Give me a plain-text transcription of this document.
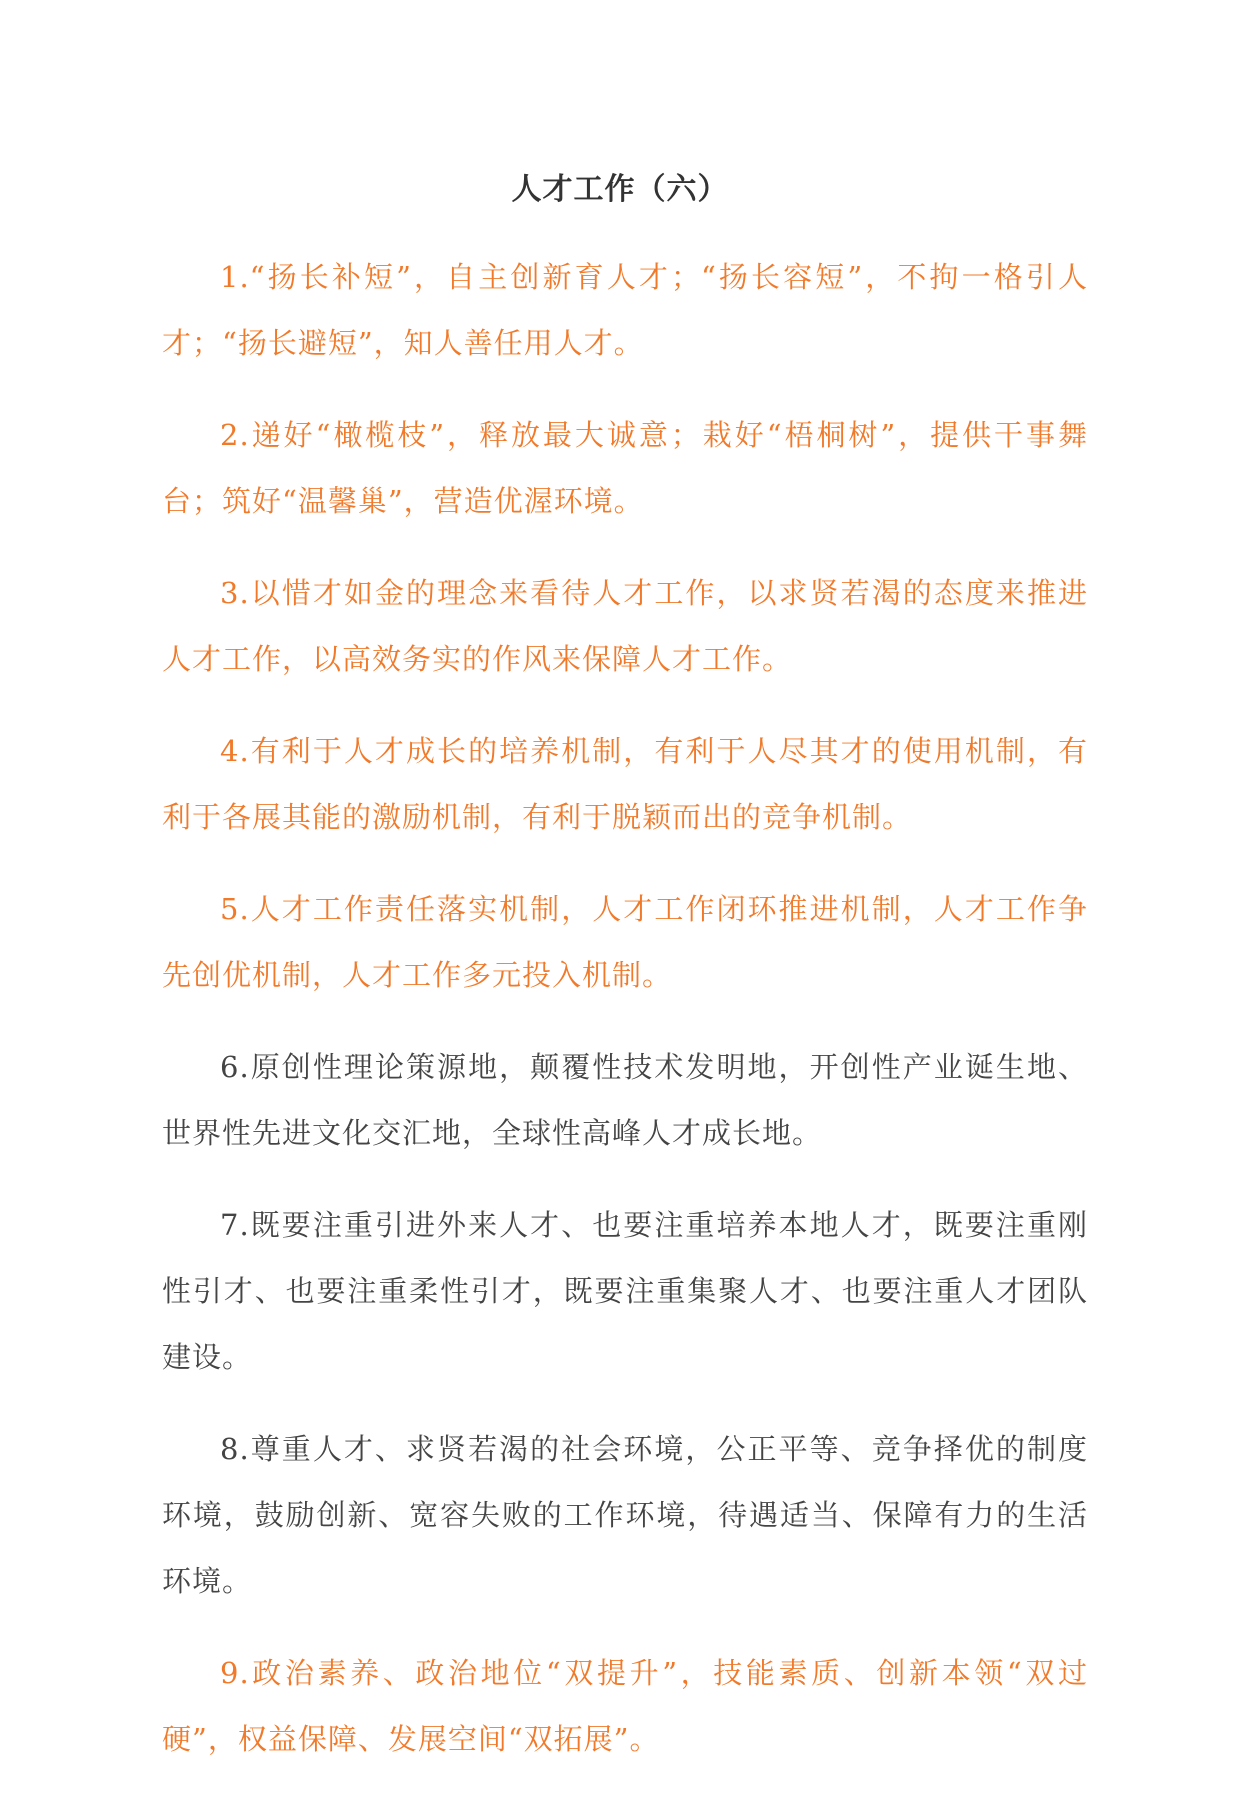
人才工作（六）

1.“扬长补短”，自主创新育人才；“扬长容短”，不拘一格引人才；“扬长避短”，知人善任用人才。

2.递好“橄榄枝”，释放最大诚意；栽好“梧桐树”，提供干事舞台；筑好“温馨巢”，营造优渥环境。

3.以惜才如金的理念来看待人才工作，以求贤若渴的态度来推进人才工作，以高效务实的作风来保障人才工作。

4.有利于人才成长的培养机制，有利于人尽其才的使用机制，有利于各展其能的激励机制，有利于脱颖而出的竞争机制。

5.人才工作责任落实机制，人才工作闭环推进机制，人才工作争先创优机制，人才工作多元投入机制。

6.原创性理论策源地，颠覆性技术发明地，开创性产业诞生地、世界性先进文化交汇地，全球性高峰人才成长地。

7.既要注重引进外来人才、也要注重培养本地人才，既要注重刚性引才、也要注重柔性引才，既要注重集聚人才、也要注重人才团队建设。

8.尊重人才、求贤若渴的社会环境，公正平等、竞争择优的制度环境，鼓励创新、宽容失败的工作环境，待遇适当、保障有力的生活环境。

9.政治素养、政治地位“双提升”，技能素质、创新本领“双过硬”，权益保障、发展空间“双拓展”。
